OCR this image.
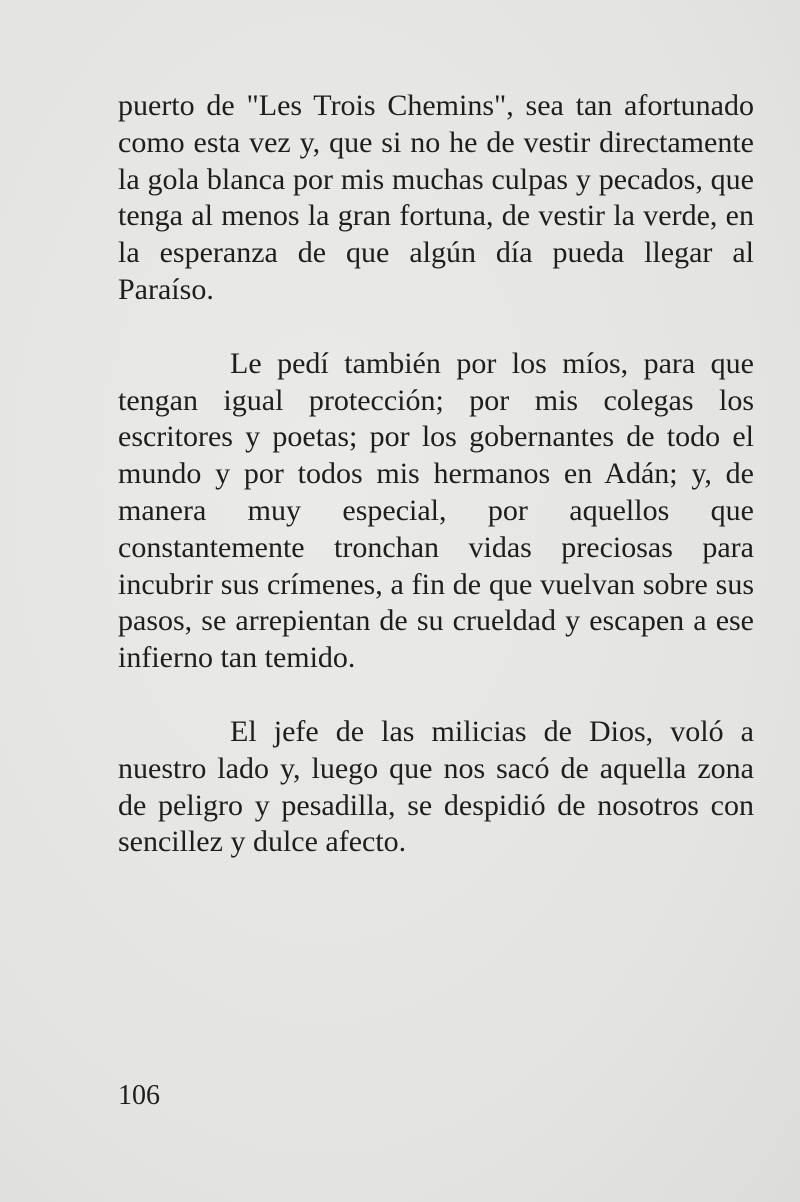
puerto de "Les Trois Chemins", sea tan afortunado como esta vez y, que si no he de vestir directamente la gola blanca por mis muchas culpas y pecados, que tenga al menos la gran fortuna, de vestir la verde, en la esperanza de que algún día pueda llegar al Paraíso.

Le pedí también por los míos, para que tengan igual protección; por mis colegas los escritores y poetas; por los gobernantes de todo el mundo y por todos mis hermanos en Adán; y, de manera muy especial, por aquellos que constantemente tronchan vidas preciosas para incubrir sus crímenes, a fin de que vuelvan sobre sus pasos, se arrepientan de su crueldad y escapen a ese infierno tan temido.

El jefe de las milicias de Dios, voló a nuestro lado y, luego que nos sacó de aquella zona de peligro y pesadilla, se despidió de nosotros con sencillez y dulce afecto.

106
